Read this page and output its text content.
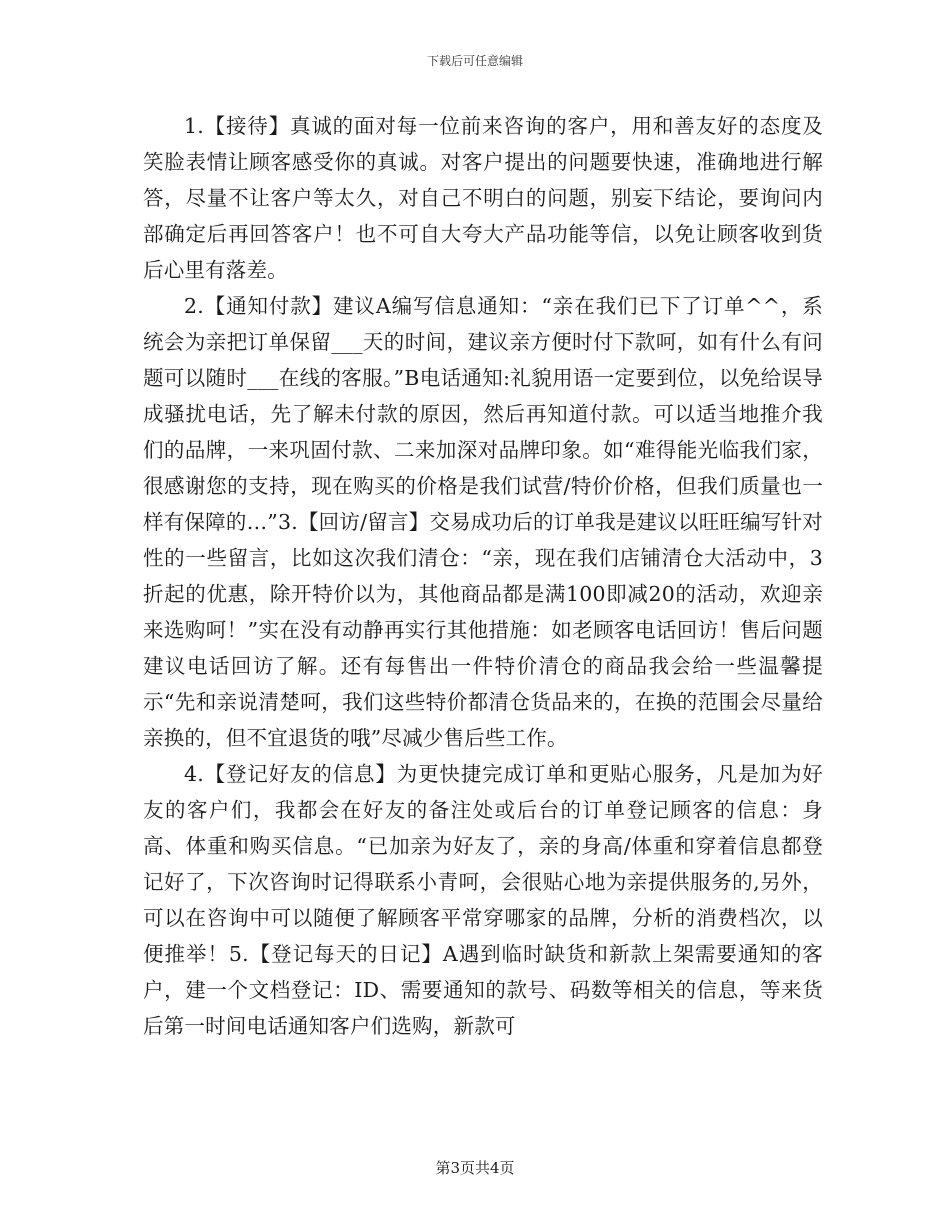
下载后可任意编辑

1.【接待】真诚的面对每一位前来咨询的客户，用和善友好的态度及笑脸表情让顾客感受你的真诚。对客户提出的问题要快速，准确地进行解答，尽量不让客户等太久，对自己不明白的问题，别妄下结论，要询问内部确定后再回答客户！也不可自大夸大产品功能等信，以免让顾客收到货后心里有落差。

2.【通知付款】建议A编写信息通知：“亲在我们已下了订单^^，系统会为亲把订单保留___天的时间，建议亲方便时付下款呵，如有什么有问题可以随时___在线的客服。”B电话通知:礼貌用语一定要到位，以免给误导成骚扰电话，先了解未付款的原因，然后再知道付款。可以适当地推介我们的品牌，一来巩固付款、二来加深对品牌印象。如“难得能光临我们家，很感谢您的支持，现在购买的价格是我们试营/特价价格，但我们质量也一样有保障的…”3.【回访/留言】交易成功后的订单我是建议以旺旺编写针对性的一些留言，比如这次我们清仓：“亲，现在我们店铺清仓大活动中，3折起的优惠，除开特价以为，其他商品都是满100即减20的活动，欢迎亲来选购呵！”实在没有动静再实行其他措施：如老顾客电话回访！售后问题建议电话回访了解。还有每售出一件特价清仓的商品我会给一些温馨提示“先和亲说清楚呵，我们这些特价都清仓货品来的，在换的范围会尽量给亲换的，但不宜退货的哦”尽减少售后些工作。

4.【登记好友的信息】为更快捷完成订单和更贴心服务，凡是加为好友的客户们，我都会在好友的备注处或后台的订单登记顾客的信息：身高、体重和购买信息。“已加亲为好友了，亲的身高/体重和穿着信息都登记好了，下次咨询时记得联系小青呵，会很贴心地为亲提供服务的,另外，可以在咨询中可以随便了解顾客平常穿哪家的品牌，分析的消费档次，以便推举！5.【登记每天的日记】A遇到临时缺货和新款上架需要通知的客户，建一个文档登记：ID、需要通知的款号、码数等相关的信息，等来货后第一时间电话通知客户们选购，新款可

第3页共4页
